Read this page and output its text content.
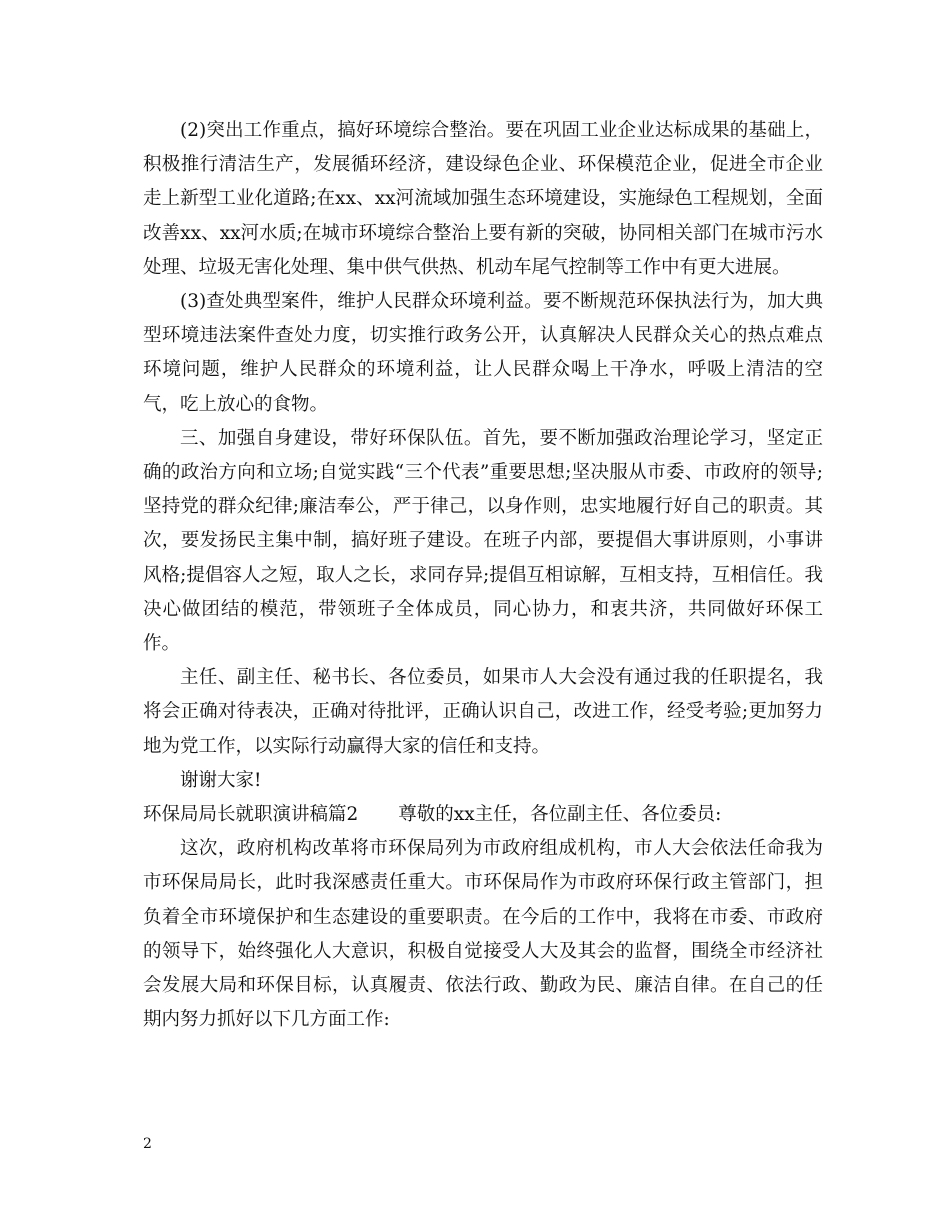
(2)突出工作重点，搞好环境综合整治。要在巩固工业企业达标成果的基础上，积极推行清洁生产，发展循环经济，建设绿色企业、环保模范企业，促进全市企业走上新型工业化道路;在xx、xx河流域加强生态环境建设，实施绿色工程规划，全面改善xx、xx河水质;在城市环境综合整治上要有新的突破，协同相关部门在城市污水处理、垃圾无害化处理、集中供气供热、机动车尾气控制等工作中有更大进展。

(3)查处典型案件，维护人民群众环境利益。要不断规范环保执法行为，加大典型环境违法案件查处力度，切实推行政务公开，认真解决人民群众关心的热点难点环境问题，维护人民群众的环境利益，让人民群众喝上干净水，呼吸上清洁的空气，吃上放心的食物。

三、加强自身建设，带好环保队伍。首先，要不断加强政治理论学习，坚定正确的政治方向和立场;自觉实践“三个代表”重要思想;坚决服从市委、市政府的领导;坚持党的群众纪律;廉洁奉公，严于律己，以身作则，忠实地履行好自己的职责。其次，要发扬民主集中制，搞好班子建设。在班子内部，要提倡大事讲原则，小事讲风格;提倡容人之短，取人之长，求同存异;提倡互相谅解，互相支持，互相信任。我决心做团结的模范，带领班子全体成员，同心协力，和衷共济，共同做好环保工作。

主任、副主任、秘书长、各位委员，如果市人大会没有通过我的任职提名，我将会正确对待表决，正确对待批评，正确认识自己，改进工作，经受考验;更加努力地为党工作，以实际行动赢得大家的信任和支持。

谢谢大家!

环保局局长就职演讲稿篇2 尊敬的xx主任，各位副主任、各位委员:

这次，政府机构改革将市环保局列为市政府组成机构，市人大会依法任命我为市环保局局长，此时我深感责任重大。市环保局作为市政府环保行政主管部门，担负着全市环境保护和生态建设的重要职责。在今后的工作中，我将在市委、市政府的领导下，始终强化人大意识，积极自觉接受人大及其会的监督，围绕全市经济社会发展大局和环保目标，认真履责、依法行政、勤政为民、廉洁自律。在自己的任期内努力抓好以下几方面工作:

2
